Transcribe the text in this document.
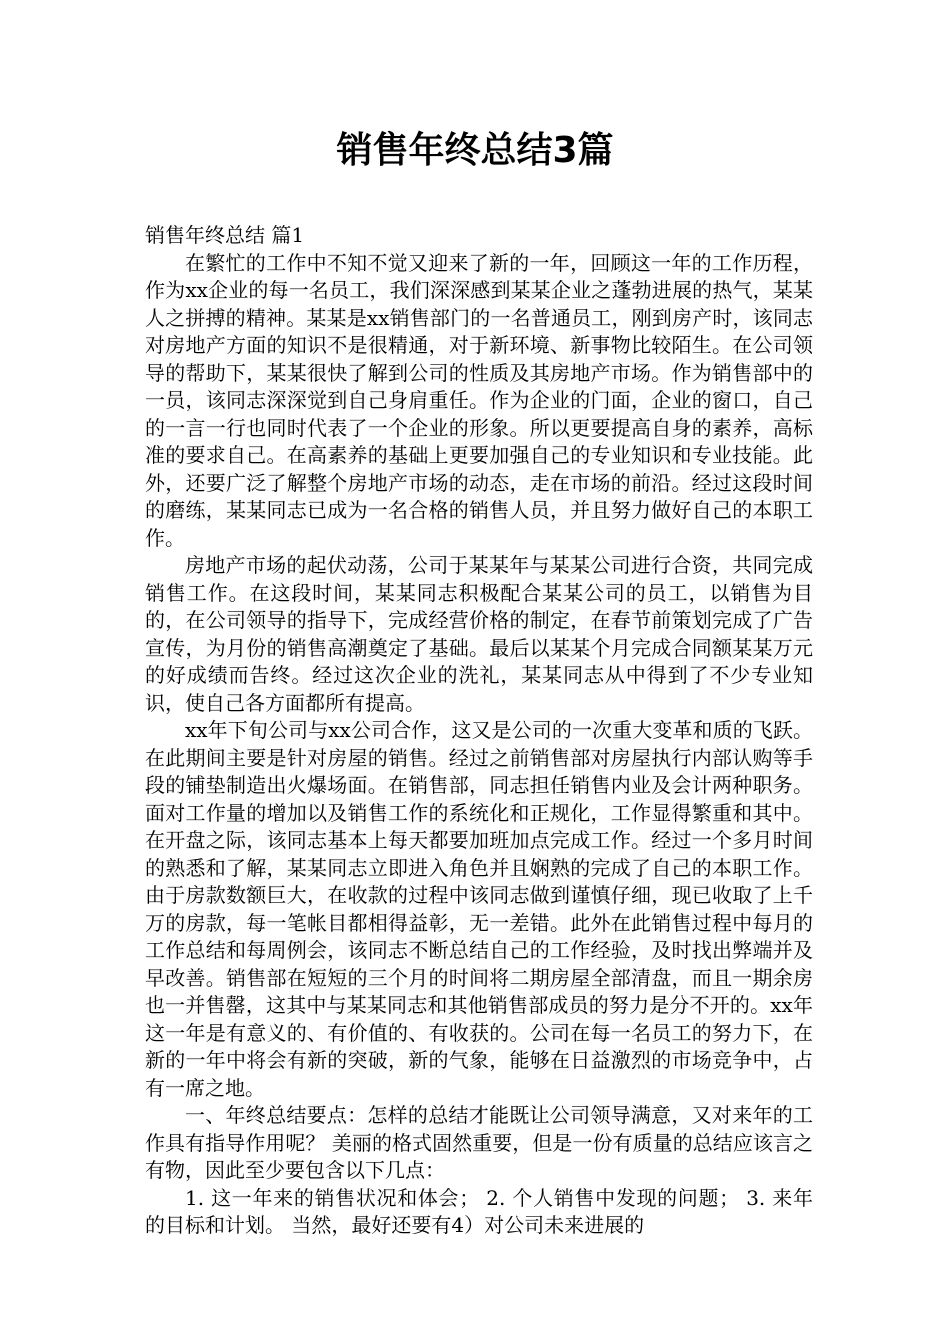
销售年终总结3篇

销售年终总结 篇1

在繁忙的工作中不知不觉又迎来了新的一年，回顾这一年的工作历程，作为xx企业的每一名员工，我们深深感到某某企业之蓬勃进展的热气，某某人之拼搏的精神。某某是xx销售部门的一名普通员工，刚到房产时，该同志对房地产方面的知识不是很精通，对于新环境、新事物比较陌生。在公司领导的帮助下，某某很快了解到公司的性质及其房地产市场。作为销售部中的一员，该同志深深觉到自己身肩重任。作为企业的门面，企业的窗口，自己的一言一行也同时代表了一个企业的形象。所以更要提高自身的素养，高标准的要求自己。在高素养的基础上更要加强自己的专业知识和专业技能。此外，还要广泛了解整个房地产市场的动态，走在市场的前沿。经过这段时间的磨练，某某同志已成为一名合格的销售人员，并且努力做好自己的本职工作。

房地产市场的起伏动荡，公司于某某年与某某公司进行合资，共同完成销售工作。在这段时间，某某同志积极配合某某公司的员工，以销售为目的，在公司领导的指导下，完成经营价格的制定，在春节前策划完成了广告宣传，为月份的销售高潮奠定了基础。最后以某某个月完成合同额某某万元的好成绩而告终。经过这次企业的洗礼，某某同志从中得到了不少专业知识，使自己各方面都所有提高。

xx年下旬公司与xx公司合作，这又是公司的一次重大变革和质的飞跃。在此期间主要是针对房屋的销售。经过之前销售部对房屋执行内部认购等手段的铺垫制造出火爆场面。在销售部，同志担任销售内业及会计两种职务。面对工作量的增加以及销售工作的系统化和正规化，工作显得繁重和其中。在开盘之际，该同志基本上每天都要加班加点完成工作。经过一个多月时间的熟悉和了解，某某同志立即进入角色并且娴熟的完成了自己的本职工作。由于房款数额巨大，在收款的过程中该同志做到谨慎仔细，现已收取了上千万的房款，每一笔帐目都相得益彰，无一差错。此外在此销售过程中每月的工作总结和每周例会，该同志不断总结自己的工作经验，及时找出弊端并及早改善。销售部在短短的三个月的时间将二期房屋全部清盘，而且一期余房也一并售罄，这其中与某某同志和其他销售部成员的努力是分不开的。xx年这一年是有意义的、有价值的、有收获的。公司在每一名员工的努力下，在新的一年中将会有新的突破，新的气象，能够在日益激烈的市场竞争中，占有一席之地。

一、年终总结要点：怎样的总结才能既让公司领导满意，又对来年的工作具有指导作用呢？ 美丽的格式固然重要，但是一份有质量的总结应该言之有物，因此至少要包含以下几点：

1. 这一年来的销售状况和体会； 2. 个人销售中发现的问题； 3. 来年的目标和计划。 当然，最好还要有4）对公司未来进展的
